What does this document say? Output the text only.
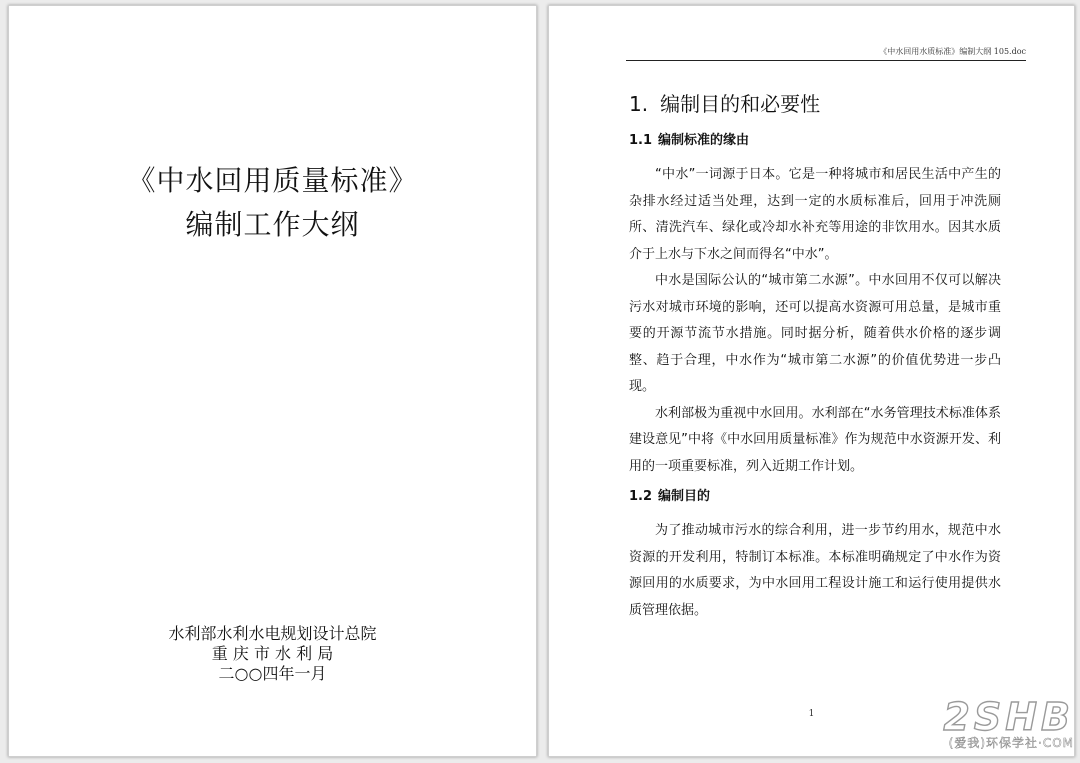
《中水回用质量标准》
编制工作大纲
水利部水利水电规划设计总院
重 庆 市 水 利 局
二○○四年一月
《中水回用水质标准》编制大纲 105.doc
1. 编制目的和必要性
1.1 编制标准的缘由

“中水”一词源于日本。它是一种将城市和居民生活中产生的杂排水经过适当处理，达到一定的水质标准后，回用于冲洗厕所、清洗汽车、绿化或冷却水补充等用途的非饮用水。因其水质介于上水与下水之间而得名“中水”。

中水是国际公认的“城市第二水源”。中水回用不仅可以解决污水对城市环境的影响，还可以提高水资源可用总量，是城市重要的开源节流节水措施。同时据分析，随着供水价格的逐步调整、趋于合理，中水作为“城市第二水源”的价值优势进一步凸现。

水利部极为重视中水回用。水利部在“水务管理技术标准体系建设意见”中将《中水回用质量标准》作为规范中水资源开发、利用的一项重要标准，列入近期工作计划。

1.2 编制目的

为了推动城市污水的综合利用，进一步节约用水，规范中水资源的开发利用，特制订本标准。本标准明确规定了中水作为资源回用的水质要求，为中水回用工程设计施工和运行使用提供水质管理依据。

1	2SHB
(爱我)环保学社·COM
